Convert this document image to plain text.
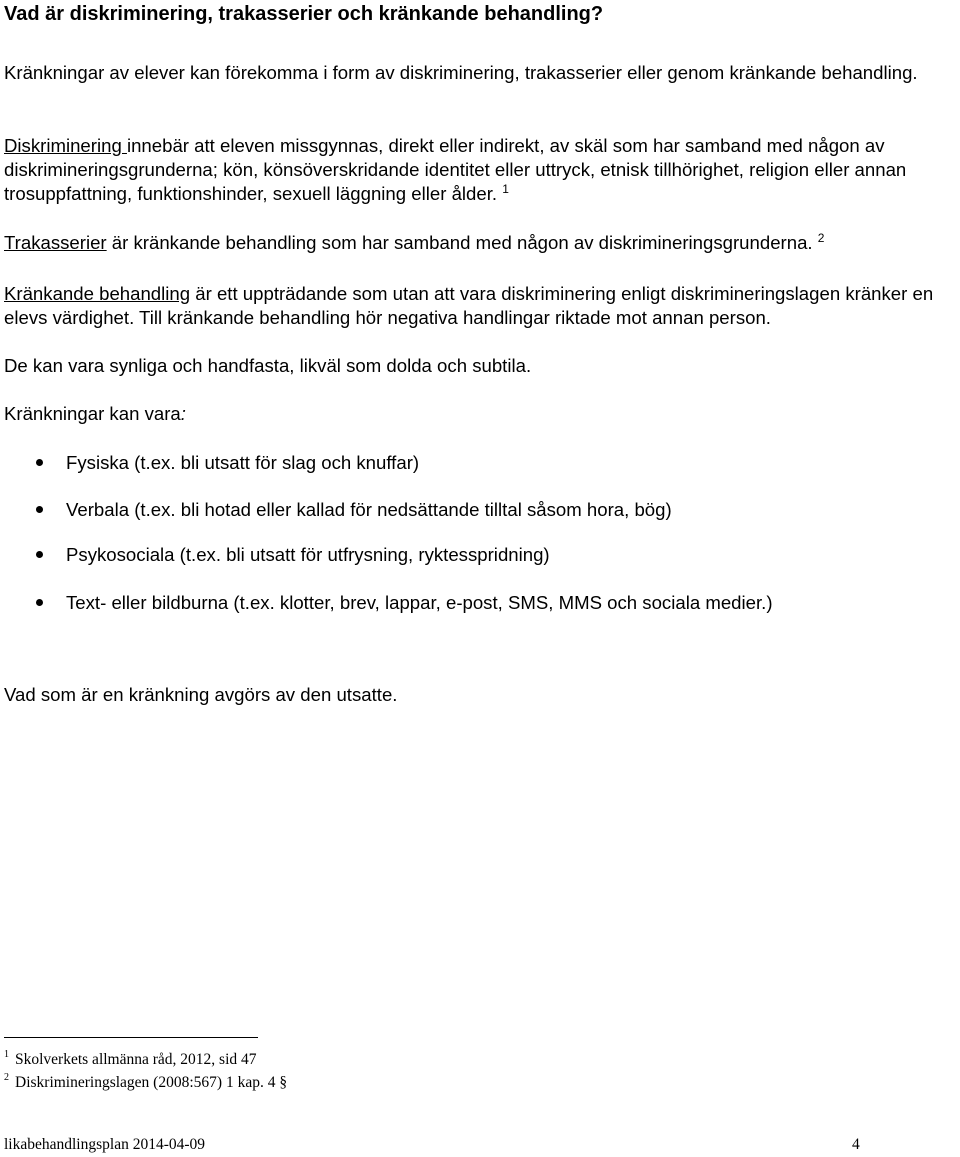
Vad är diskriminering, trakasserier och kränkande behandling?
Kränkningar av elever kan förekomma i form av diskriminering, trakasserier eller genom kränkande behandling.
Diskriminering innebär att eleven missgynnas, direkt eller indirekt, av skäl som har samband med någon av diskrimineringsgrunderna; kön, könsöverskridande identitet eller uttryck, etnisk tillhörighet, religion eller annan trosuppfattning, funktionshinder, sexuell läggning eller ålder. $^1$
Trakasserier är kränkande behandling som har samband med någon av diskrimineringsgrunderna. $^2$
Kränkande behandling är ett uppträdande som utan att vara diskriminering enligt diskrimineringslagen kränker en elevs värdighet. Till kränkande behandling hör negativa handlingar riktade mot annan person.
De kan vara synliga och handfasta, likväl som dolda och subtila.
Kränkningar kan vara:
Fysiska (t.ex. bli utsatt för slag och knuffar)
Verbala (t.ex. bli hotad eller kallad för nedsättande tilltal såsom hora, bög)
Psykosociala (t.ex. bli utsatt för utfrysning, ryktesspridning)
Text- eller bildburna (t.ex. klotter, brev, lappar, e-post, SMS, MMS och sociala medier.)
Vad som är en kränkning avgörs av den utsatte.
$^1$ Skolverkets allmänna råd, 2012, sid 47
$^2$ Diskrimineringslagen (2008:567) 1 kap. 4 §
likabehandlingsplan 2014-04-09	4
